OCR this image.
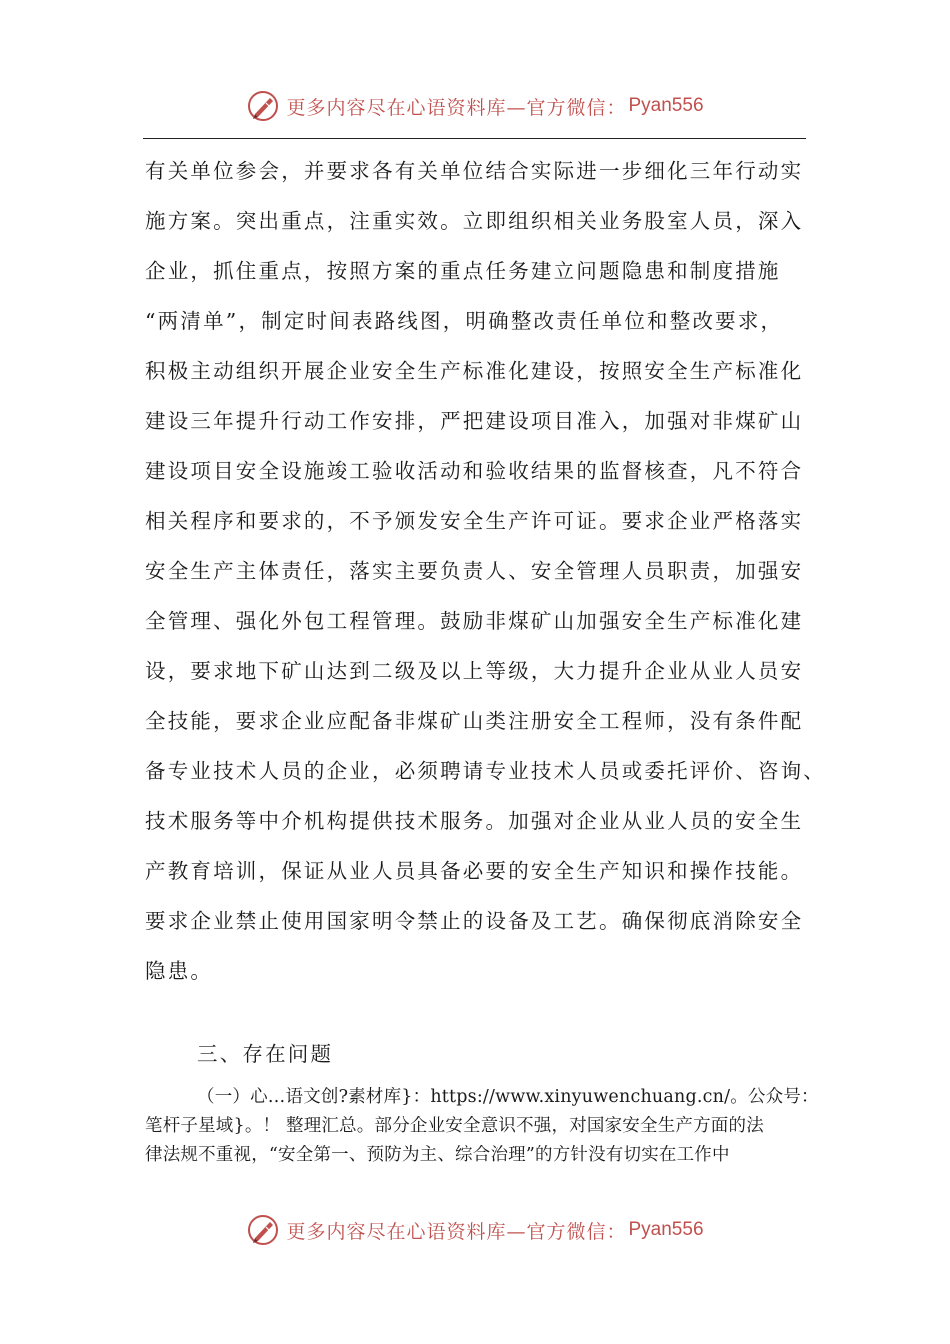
更多内容尽在心语资料库—官方微信： Pyan556
有关单位参会，并要求各有关单位结合实际进一步细化三年行动实
施方案。突出重点，注重实效。立即组织相关业务股室人员，深入
企业，抓住重点，按照方案的重点任务建立问题隐患和制度措施
“两清单”，制定时间表路线图，明确整改责任单位和整改要求，
积极主动组织开展企业安全生产标准化建设，按照安全生产标准化
建设三年提升行动工作安排，严把建设项目准入，加强对非煤矿山
建设项目安全设施竣工验收活动和验收结果的监督核查，凡不符合
相关程序和要求的，不予颁发安全生产许可证。要求企业严格落实
安全生产主体责任，落实主要负责人、安全管理人员职责，加强安
全管理、强化外包工程管理。鼓励非煤矿山加强安全生产标准化建
设，要求地下矿山达到二级及以上等级，大力提升企业从业人员安
全技能，要求企业应配备非煤矿山类注册安全工程师，没有条件配
备专业技术人员的企业，必须聘请专业技术人员或委托评价、咨询、
技术服务等中介机构提供技术服务。加强对企业从业人员的安全生
产教育培训，保证从业人员具备必要的安全生产知识和操作技能。
要求企业禁止使用国家明令禁止的设备及工艺。确保彻底消除安全
隐患。
三、存在问题
（一）心…语文创?素材库}：https://www.xinyuwenchuang.cn/。公众号：
笔杆子星域}。！ 整理汇总。部分企业安全意识不强，对国家安全生产方面的法
律法规不重视，“安全第一、预防为主、综合治理”的方针没有切实在工作中
更多内容尽在心语资料库—官方微信： Pyan556
